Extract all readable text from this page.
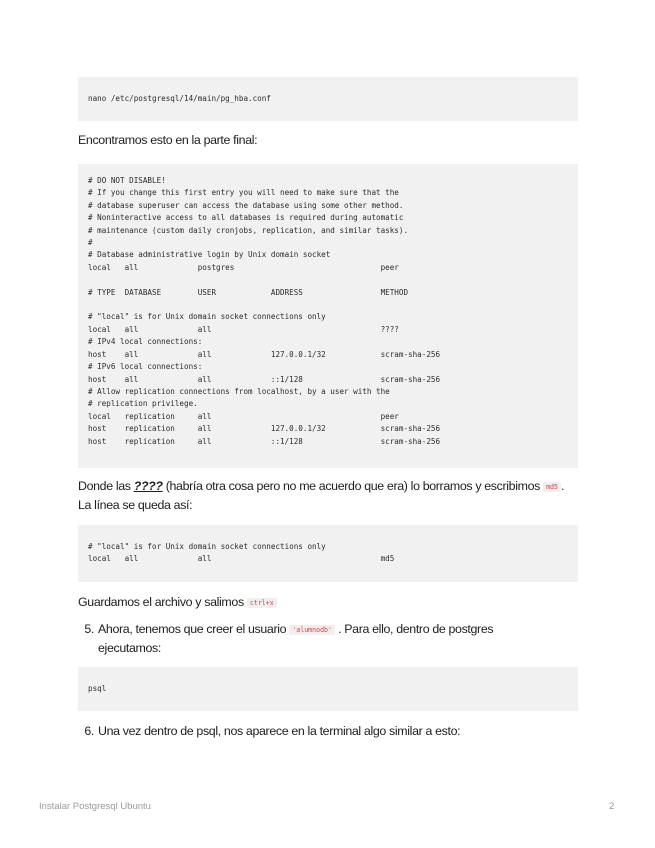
nano /etc/postgresql/14/main/pg_hba.conf
Encontramos esto en la parte final:
# DO NOT DISABLE!
# If you change this first entry you will need to make sure that the
# database superuser can access the database using some other method.
# Noninteractive access to all databases is required during automatic
# maintenance (custom daily cronjobs, replication, and similar tasks).
#
# Database administrative login by Unix domain socket
local   all             postgres                                peer

# TYPE  DATABASE        USER            ADDRESS                 METHOD

# "local" is for Unix domain socket connections only
local   all             all                                     ????
# IPv4 local connections:
host    all             all             127.0.0.1/32            scram-sha-256
# IPv6 local connections:
host    all             all             ::1/128                 scram-sha-256
# Allow replication connections from localhost, by a user with the
# replication privilege.
local   replication     all                                     peer
host    replication     all             127.0.0.1/32            scram-sha-256
host    replication     all             ::1/128                 scram-sha-256
Donde las ???? (habría otra cosa pero no me acuerdo que era) lo borramos y escribimos md5 . La línea se queda así:
# "local" is for Unix domain socket connections only
local   all             all                                     md5
Guardamos el archivo y salimos ctrl+x
5. Ahora, tenemos que creer el usuario 'alumnodb' . Para ello, dentro de postgres ejecutamos:
psql
6. Una vez dentro de psql, nos aparece en la terminal algo similar a esto:
Instalar Postgresql Ubuntu	2
